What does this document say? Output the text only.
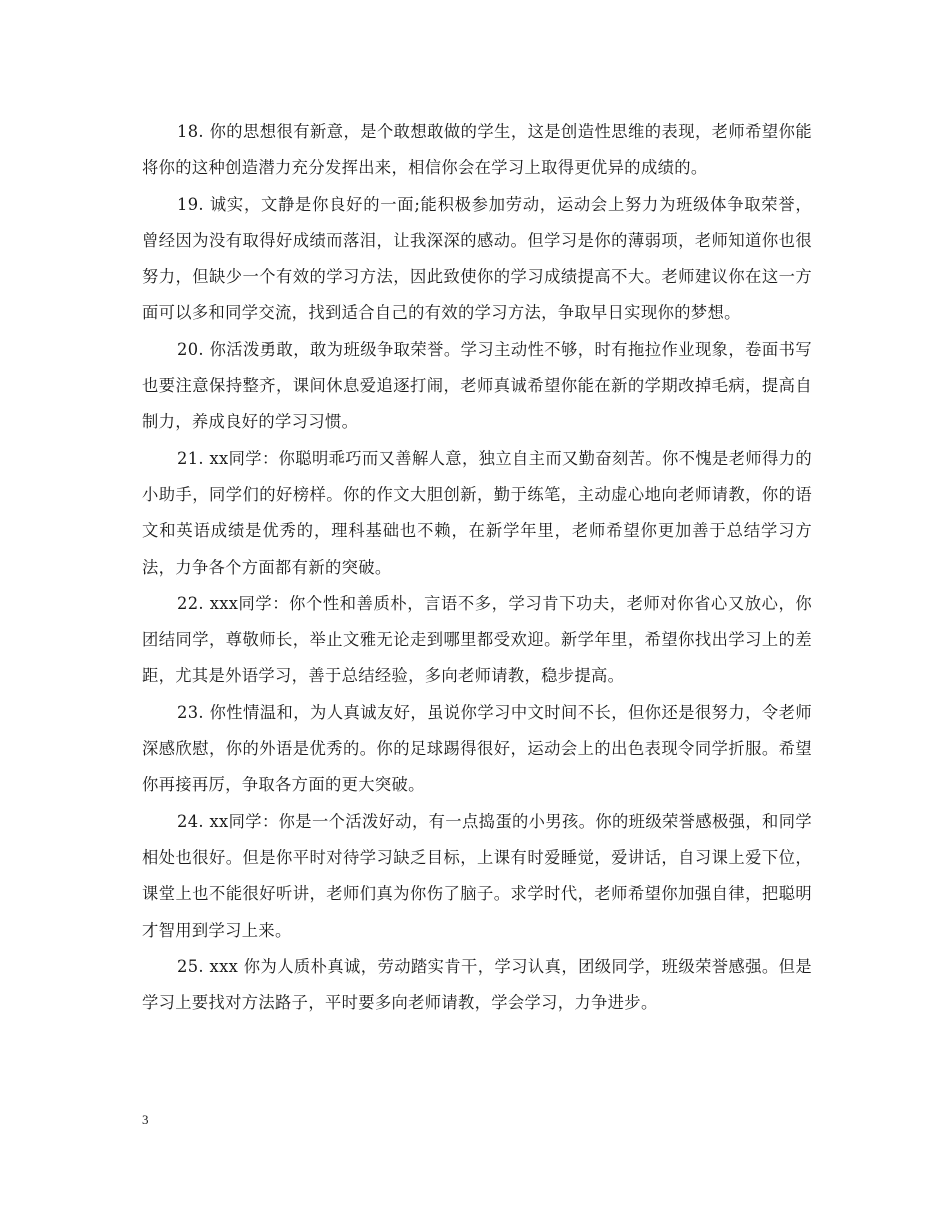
18. 你的思想很有新意，是个敢想敢做的学生，这是创造性思维的表现，老师希望你能将你的这种创造潜力充分发挥出来，相信你会在学习上取得更优异的成绩的。

19. 诚实，文静是你良好的一面;能积极参加劳动，运动会上努力为班级体争取荣誉，曾经因为没有取得好成绩而落泪，让我深深的感动。但学习是你的薄弱项，老师知道你也很努力，但缺少一个有效的学习方法，因此致使你的学习成绩提高不大。老师建议你在这一方面可以多和同学交流，找到适合自己的有效的学习方法，争取早日实现你的梦想。

20. 你活泼勇敢，敢为班级争取荣誉。学习主动性不够，时有拖拉作业现象，卷面书写也要注意保持整齐，课间休息爱追逐打闹，老师真诚希望你能在新的学期改掉毛病，提高自制力，养成良好的学习习惯。

21. xx同学：你聪明乖巧而又善解人意，独立自主而又勤奋刻苦。你不愧是老师得力的小助手，同学们的好榜样。你的作文大胆创新，勤于练笔，主动虚心地向老师请教，你的语文和英语成绩是优秀的，理科基础也不赖，在新学年里，老师希望你更加善于总结学习方法，力争各个方面都有新的突破。

22. xxx同学：你个性和善质朴，言语不多，学习肯下功夫，老师对你省心又放心，你团结同学，尊敬师长，举止文雅无论走到哪里都受欢迎。新学年里，希望你找出学习上的差距，尤其是外语学习，善于总结经验，多向老师请教，稳步提高。

23. 你性情温和，为人真诚友好，虽说你学习中文时间不长，但你还是很努力，令老师深感欣慰，你的外语是优秀的。你的足球踢得很好，运动会上的出色表现令同学折服。希望你再接再厉，争取各方面的更大突破。

24. xx同学：你是一个活泼好动，有一点捣蛋的小男孩。你的班级荣誉感极强，和同学相处也很好。但是你平时对待学习缺乏目标，上课有时爱睡觉，爱讲话，自习课上爱下位，课堂上也不能很好听讲，老师们真为你伤了脑子。求学时代，老师希望你加强自律，把聪明才智用到学习上来。

25. xxx 你为人质朴真诚，劳动踏实肯干，学习认真，团级同学，班级荣誉感强。但是学习上要找对方法路子，平时要多向老师请教，学会学习，力争进步。

3
